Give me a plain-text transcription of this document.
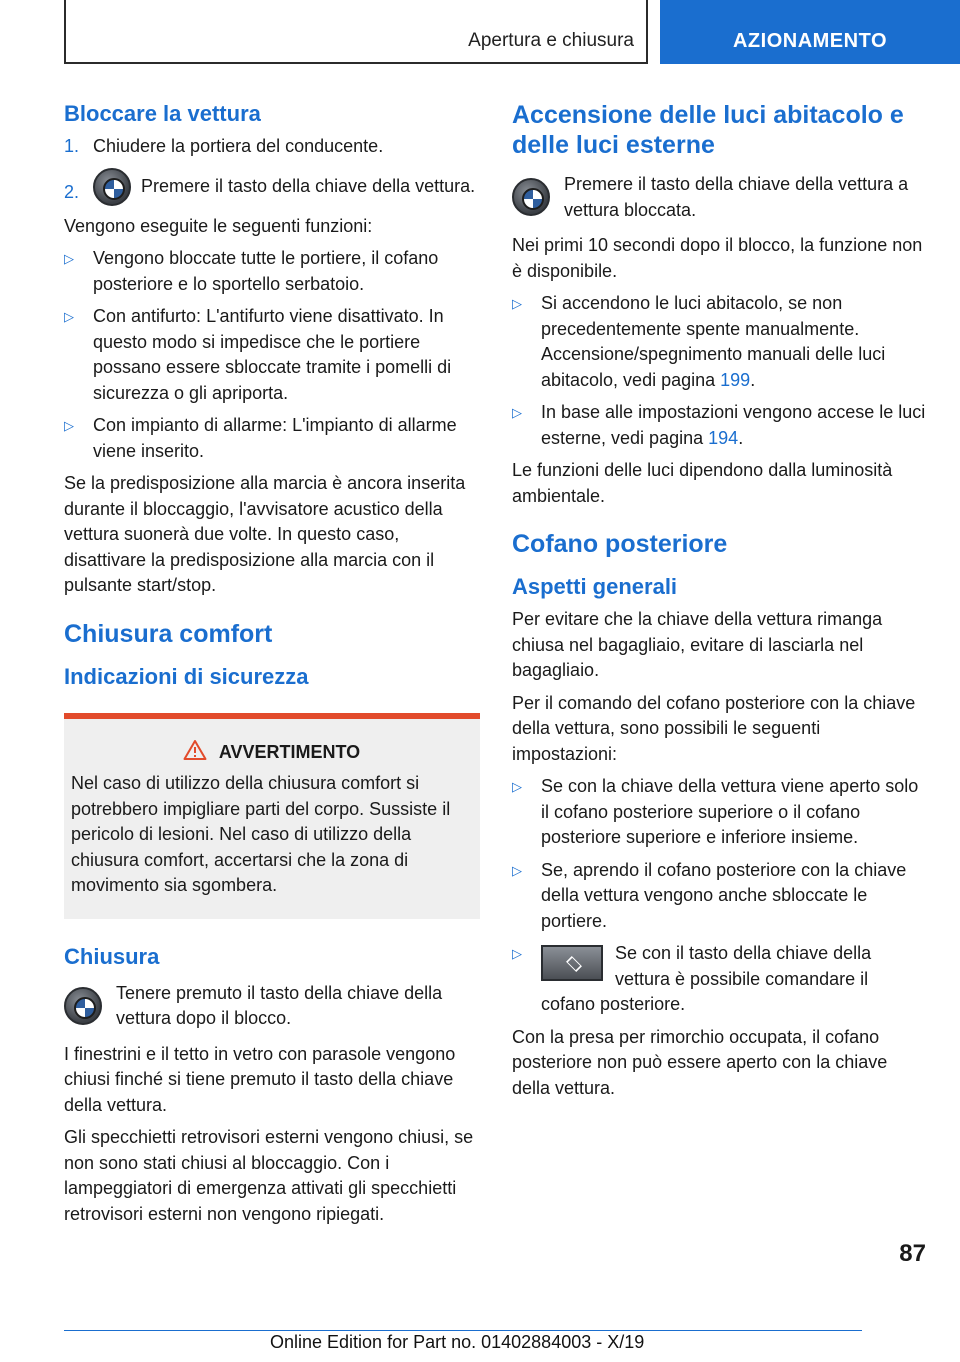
Apertura e chiusura	AZIONAMENTO
Bloccare la vettura
1. Chiudere la portiera del conducente.
2.	Premere il tasto della chiave della vettura.

Vengono eseguite le seguenti funzioni:

▷ Vengono bloccate tutte le portiere, il cofano posteriore e lo sportello serbatoio.
▷ Con antifurto: L'antifurto viene disattivato. In questo modo si impedisce che le portiere possano essere sbloccate tramite i pomelli di sicurezza o gli apriporta.
▷ Con impianto di allarme: L'impianto di allarme viene inserito.

Se la predisposizione alla marcia è ancora inserita durante il bloccaggio, l'avvisatore acustico della vettura suonerà due volte. In questo caso, disattivare la predisposizione alla marcia con il pulsante start/stop.

Chiusura comfort
Indicazioni di sicurezza
AVVERTIMENTO
Nel caso di utilizzo della chiusura comfort si potrebbero impigliare parti del corpo. Sussiste il pericolo di lesioni. Nel caso di utilizzo della chiusura comfort, accertarsi che la zona di movimento sia sgombera.
Chiusura
Tenere premuto il tasto della chiave della vettura dopo il blocco.

I finestrini e il tetto in vetro con parasole vengono chiusi finché si tiene premuto il tasto della chiave della vettura.

Gli specchietti retrovisori esterni vengono chiusi, se non sono stati chiusi al bloccaggio. Con i lampeggiatori di emergenza attivati gli specchietti retrovisori esterni non vengono ripiegati.

Accensione delle luci abitacolo e delle luci esterne
Premere il tasto della chiave della vettura a vettura bloccata.

Nei primi 10 secondi dopo il blocco, la funzione non è disponibile.

▷ Si accendono le luci abitacolo, se non precedentemente spente manualmente. Accensione/spegnimento manuali delle luci abitacolo, vedi pagina 199.
▷ In base alle impostazioni vengono accese le luci esterne, vedi pagina 194.

Le funzioni delle luci dipendono dalla luminosità ambientale.

Cofano posteriore
Aspetti generali

Per evitare che la chiave della vettura rimanga chiusa nel bagagliaio, evitare di lasciarla nel bagagliaio.

Per il comando del cofano posteriore con la chiave della vettura, sono possibili le seguenti impostazioni:

▷ Se con la chiave della vettura viene aperto solo il cofano posteriore superiore o il cofano posteriore superiore e inferiore insieme.
▷ Se, aprendo il cofano posteriore con la chiave della vettura vengono anche sbloccate le portiere.
▷	Se con il tasto della chiave della vettura è possibile comandare il cofano posteriore.

Con la presa per rimorchio occupata, il cofano posteriore non può essere aperto con la chiave della vettura.

87
Online Edition for Part no. 01402884003 - X/19
